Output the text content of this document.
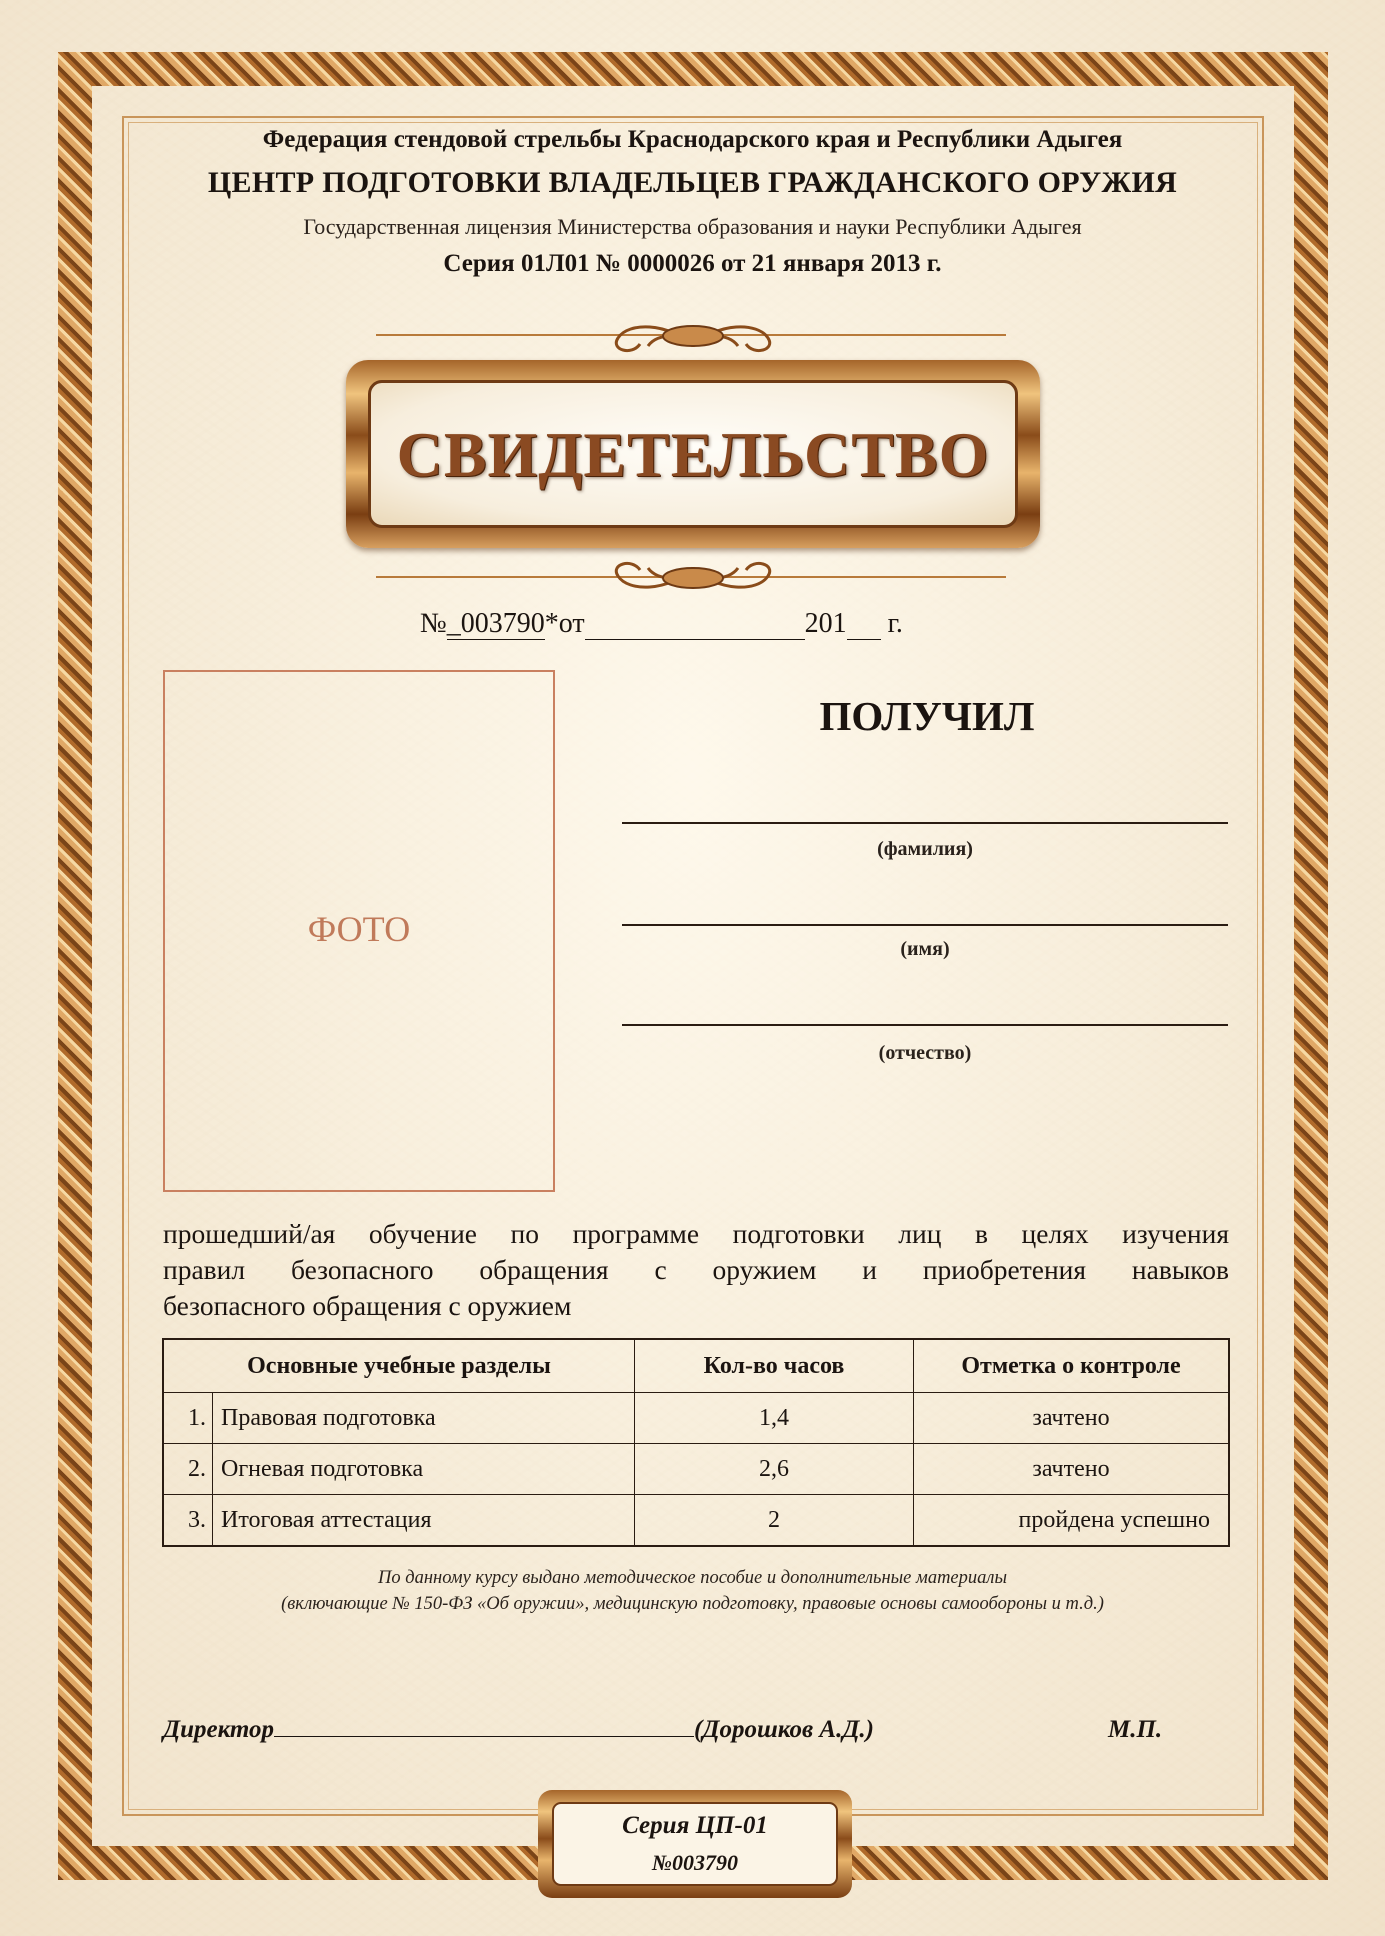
Федерация стендовой стрельбы Краснодарского края и Республики Адыгея
ЦЕНТР ПОДГОТОВКИ ВЛАДЕЛЬЦЕВ ГРАЖДАНСКОГО ОРУЖИЯ
Государственная лицензия Министерства образования и науки Республики Адыгея
Серия 01Л01 № 0000026 от 21 января 2013 г.
СВИДЕТЕЛЬСТВО
№_003790*от	201 г.
ФОТО
ПОЛУЧИЛ
(фамилия)
(имя)
(отчество)
прошедший/ая обучение по программе подготовки лиц в целях изучения
правил безопасного обращения с оружием и приобретения навыков
безопасного обращения с оружием
Основные учебные разделы		Кол-во часов	Отметка о контроле
1.	Правовая подготовка	1,4	зачтено
2.	Огневая подготовка	2,6	зачтено
3.	Итоговая аттестация	2	пройдена успешно
По данному курсу выдано методическое пособие и дополнительные материалы
(включающие № 150-ФЗ «Об оружии», медицинскую подготовку, правовые основы самообороны и т.д.)
Директор	(Дорошков А.Д.)	М.П.
Серия ЦП-01
№003790
